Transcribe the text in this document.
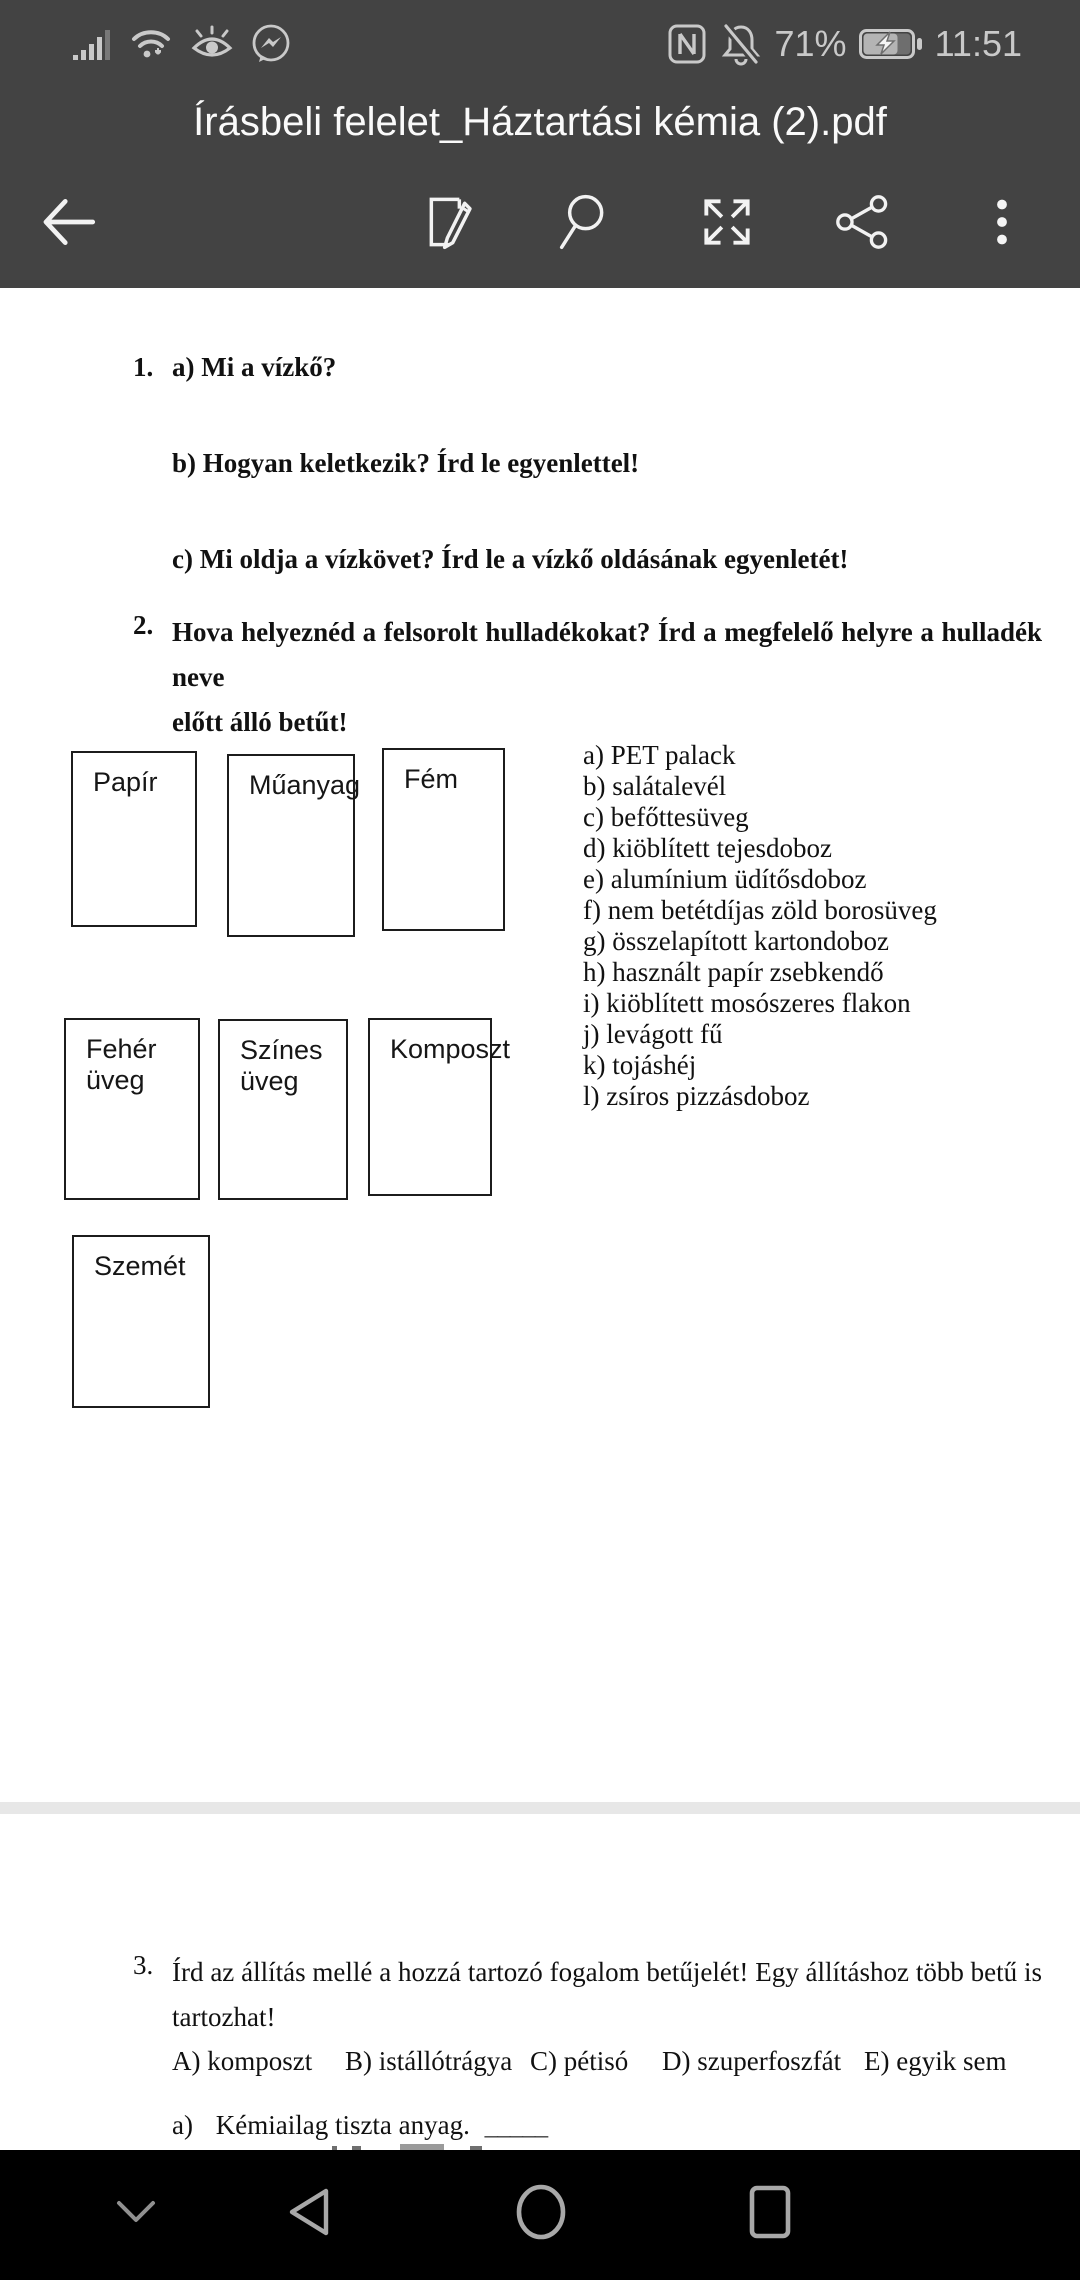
71% 11:51
Írásbeli felelet_Háztartási kémia (2).pdf
1. a) Mi a vízkő?
b) Hogyan keletkezik? Írd le egyenlettel!
c) Mi oldja a vízkövet? Írd le a vízkő oldásának egyenletét!
2. Hova helyeznéd a felsorolt hulladékokat? Írd a megfelelő helyre a hulladék neve
előtt álló betűt!
Papír	Műanyag Fém
a) PET palack
b) salátalevél
c) befőttesüveg
d) kiöblített tejesdoboz
e) alumínium üdítősdoboz
f) nem betétdíjas zöld borosüveg
g) összelapított kartondoboz
h) használt papír zsebkendő
i) kiöblített mosószeres flakon
j) levágott fű
k) tojáshéj
l) zsíros pizzásdoboz
Fehér üveg
Színes üveg
Komposzt
Szemét
3. Írd az állítás mellé a hozzá tartozó fogalom betűjelét! Egy állításhoz több betű is
tartozhat!
A) komposzt B) istállótrágya C) pétisó D) szuperfoszfát E) egyik sem
a) Kémiailag tiszta anyag. _____
